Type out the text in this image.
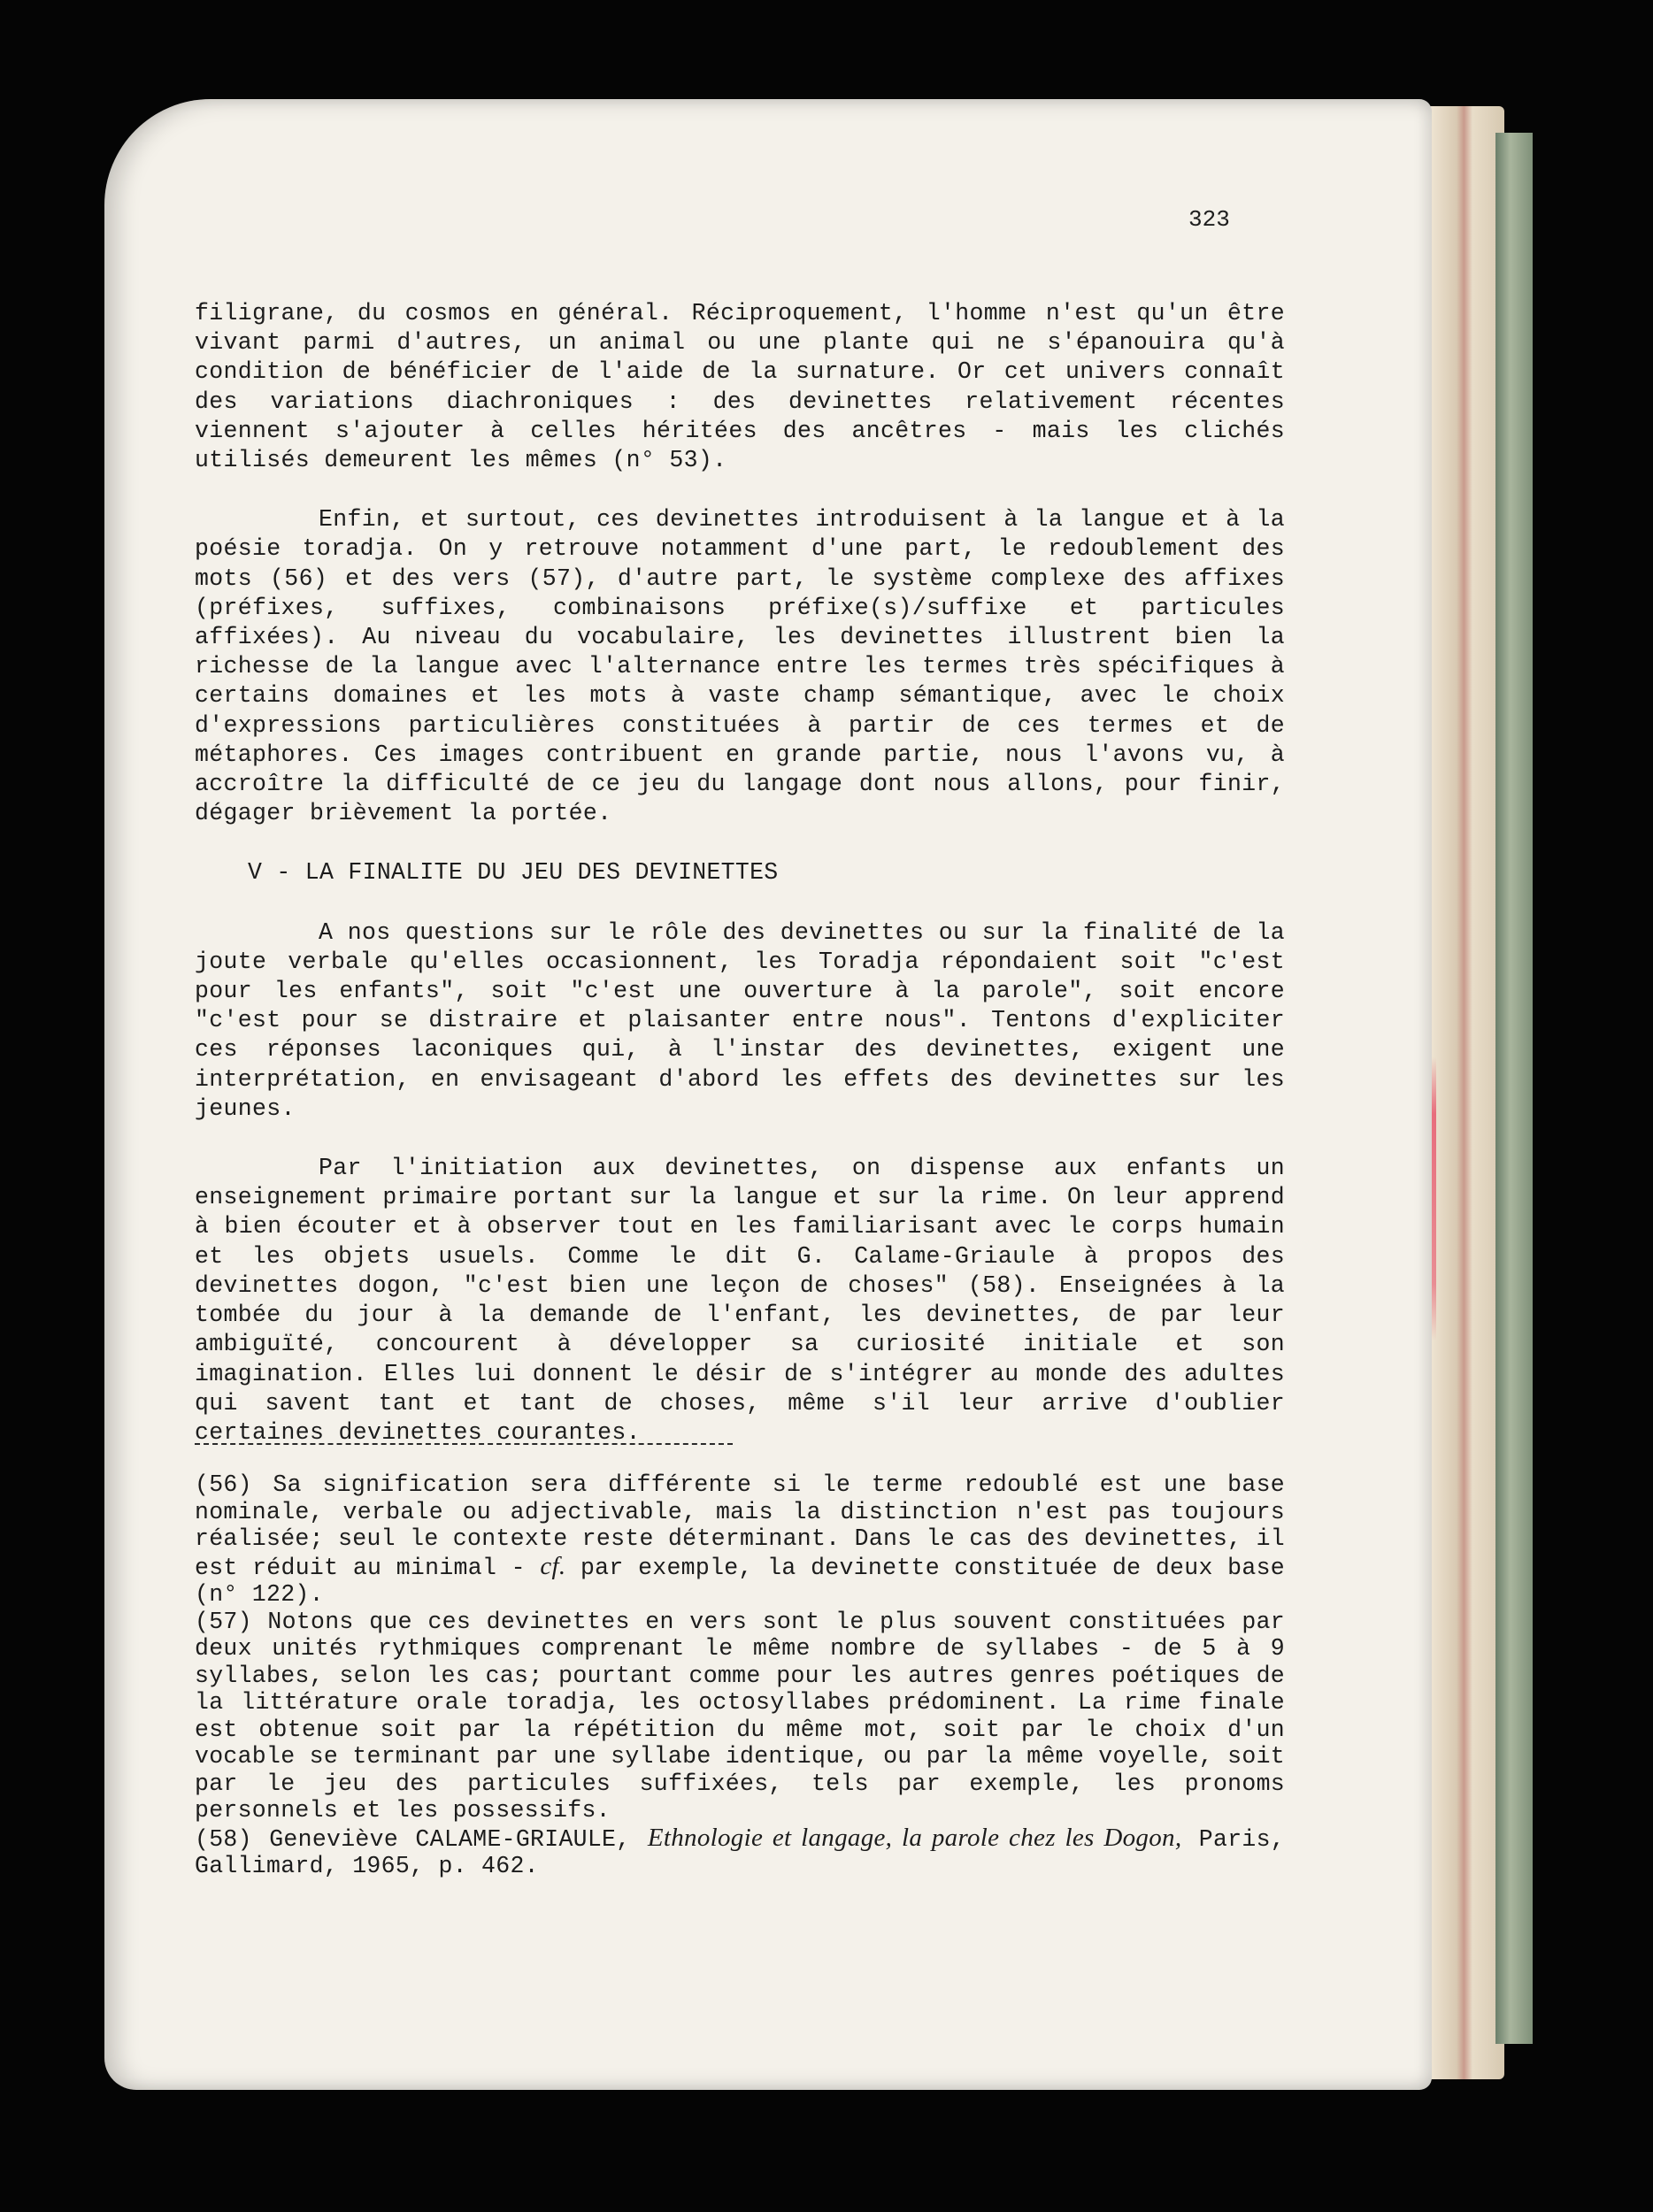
323

filigrane, du cosmos en général. Réciproquement, l'homme n'est qu'un être vivant parmi d'autres, un animal ou une plante qui ne s'épanouira qu'à condition de bénéficier de l'aide de la surnature. Or cet univers connaît des variations diachroniques : des devinettes relativement récentes viennent s'ajouter à celles héritées des ancêtres - mais les clichés utilisés demeurent les mêmes (n° 53).

Enfin, et surtout, ces devinettes introduisent à la langue et à la poésie toradja. On y retrouve notamment d'une part, le redoublement des mots (56) et des vers (57), d'autre part, le système complexe des affixes (préfixes, suffixes, combinaisons préfixe(s)/suffixe et particules affixées). Au niveau du vocabulaire, les devinettes illustrent bien la richesse de la langue avec l'alternance entre les termes très spécifiques à certains domaines et les mots à vaste champ sémantique, avec le choix d'expressions particulières constituées à partir de ces termes et de métaphores. Ces images contribuent en grande partie, nous l'avons vu, à accroître la difficulté de ce jeu du langage dont nous allons, pour finir, dégager brièvement la portée.

V - LA FINALITE DU JEU DES DEVINETTES

A nos questions sur le rôle des devinettes ou sur la finalité de la joute verbale qu'elles occasionnent, les Toradja répondaient soit "c'est pour les enfants", soit "c'est une ouverture à la parole", soit encore "c'est pour se distraire et plaisanter entre nous". Tentons d'expliciter ces réponses laconiques qui, à l'instar des devinettes, exigent une interprétation, en envisageant d'abord les effets des devinettes sur les jeunes.

Par l'initiation aux devinettes, on dispense aux enfants un enseignement primaire portant sur la langue et sur la rime. On leur apprend à bien écouter et à observer tout en les familiarisant avec le corps humain et les objets usuels. Comme le dit G. Calame-Griaule à propos des devinettes dogon, "c'est bien une leçon de choses" (58). Enseignées à la tombée du jour à la demande de l'enfant, les devinettes, de par leur ambiguïté, concourent à développer sa curiosité initiale et son imagination. Elles lui donnent le désir de s'intégrer au monde des adultes qui savent tant et tant de choses, même s'il leur arrive d'oublier certaines devinettes courantes.

(56) Sa signification sera différente si le terme redoublé est une base nominale, verbale ou adjectivable, mais la distinction n'est pas toujours réalisée; seul le contexte reste déterminant. Dans le cas des devinettes, il est réduit au minimal - cf. par exemple, la devinette constituée de deux base (n° 122).

(57) Notons que ces devinettes en vers sont le plus souvent constituées par deux unités rythmiques comprenant le même nombre de syllabes - de 5 à 9 syllabes, selon les cas; pourtant comme pour les autres genres poétiques de la littérature orale toradja, les octosyllabes prédominent. La rime finale est obtenue soit par la répétition du même mot, soit par le choix d'un vocable se terminant par une syllabe identique, ou par la même voyelle, soit par le jeu des particules suffixées, tels par exemple, les pronoms personnels et les possessifs.

(58) Geneviève CALAME-GRIAULE, Ethnologie et langage, la parole chez les Dogon, Paris, Gallimard, 1965, p. 462.
